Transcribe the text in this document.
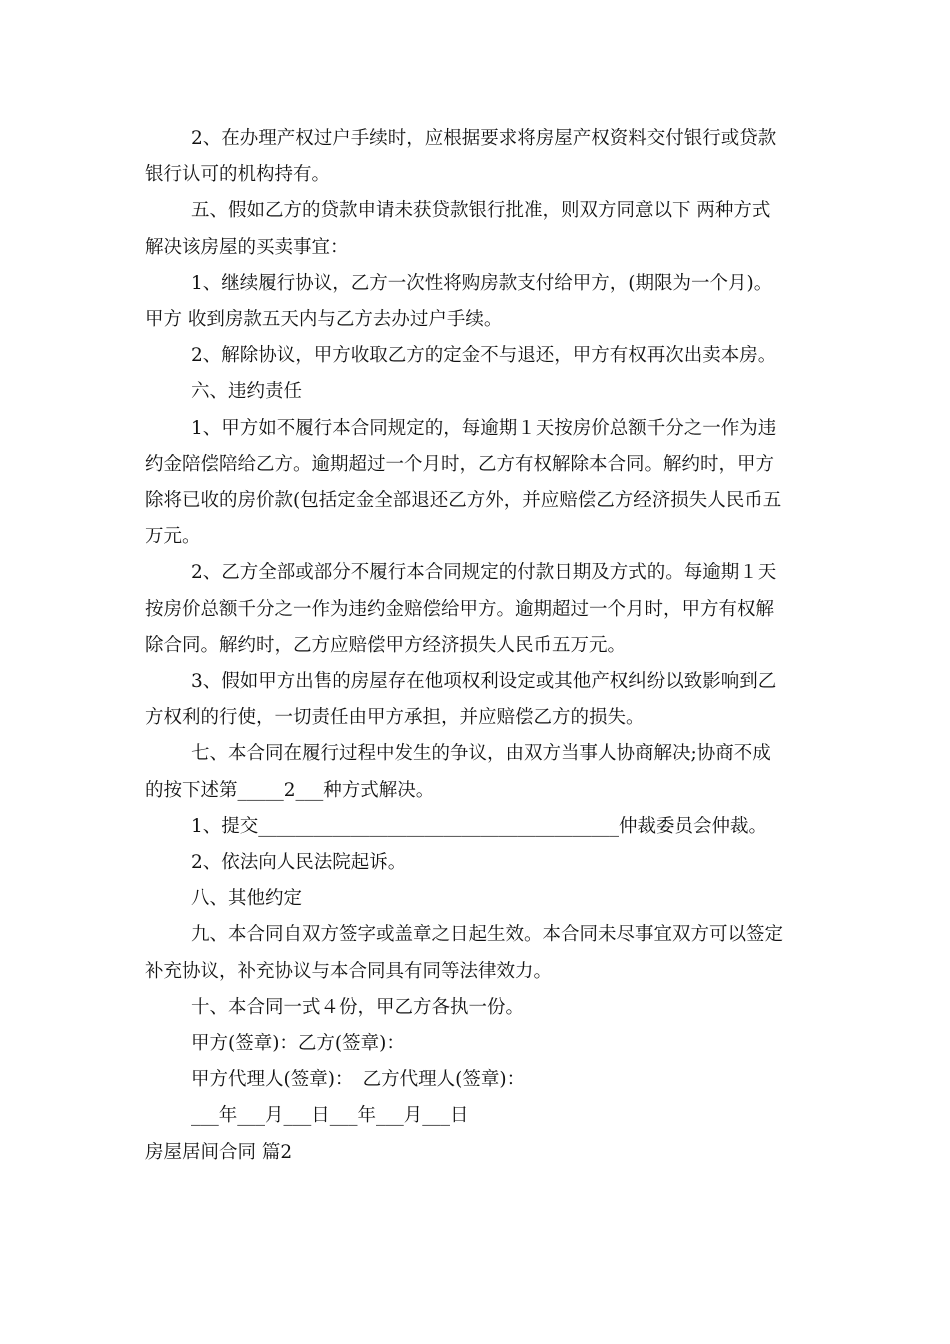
2、在办理产权过户手续时，应根据要求将房屋产权资料交付银行或贷款

银行认可的机构持有。

五、假如乙方的贷款申请未获贷款银行批准，则双方同意以下 两种方式

解决该房屋的买卖事宜：

1、继续履行协议，乙方一次性将购房款支付给甲方，(期限为一个月)。

甲方 收到房款五天内与乙方去办过户手续。

2、解除协议，甲方收取乙方的定金不与退还，甲方有权再次出卖本房。

六、违约责任

1、甲方如不履行本合同规定的，每逾期１天按房价总额千分之一作为违

约金陪偿陪给乙方。逾期超过一个月时，乙方有权解除本合同。解约时，甲方

除将已收的房价款(包括定金全部退还乙方外，并应赔偿乙方经济损失人民币五

万元。

2、乙方全部或部分不履行本合同规定的付款日期及方式的。每逾期１天

按房价总额千分之一作为违约金赔偿给甲方。逾期超过一个月时，甲方有权解

除合同。解约时，乙方应赔偿甲方经济损失人民币五万元。

3、假如甲方出售的房屋存在他项权利设定或其他产权纠纷以致影响到乙

方权利的行使，一切责任由甲方承担，并应赔偿乙方的损失。

七、本合同在履行过程中发生的争议，由双方当事人协商解决;协商不成

的按下述第_____2___种方式解决。

1、提交_______________________________________仲裁委员会仲裁。

2、依法向人民法院起诉。

八、其他约定

九、本合同自双方签字或盖章之日起生效。本合同未尽事宜双方可以签定

补充协议，补充协议与本合同具有同等法律效力。

十、本合同一式４份，甲乙方各执一份。

甲方(签章)：乙方(签章)：

甲方代理人(签章)：　乙方代理人(签章)：

___年___月___日___年___月___日

房屋居间合同 篇2
